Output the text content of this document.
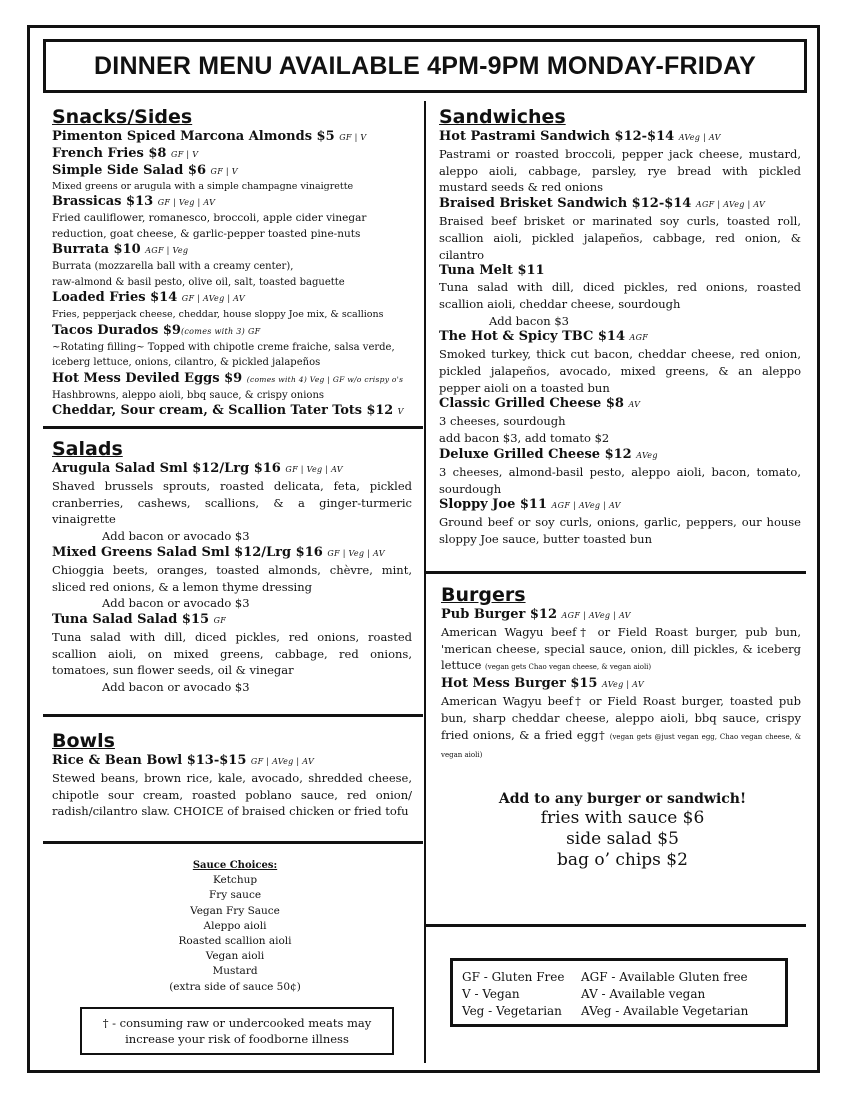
DINNER MENU AVAILABLE 4PM-9PM MONDAY-FRIDAY
Snacks/Sides
Pimenton Spiced Marcona Almonds $5 GF | V
French Fries $8 GF | V
Simple Side Salad $6 GF | V
Mixed greens or arugula with a simple champagne vinaigrette
Brassicas $13 GF | Veg | AV
Fried cauliflower, romanesco, broccoli, apple cider vinegar reduction, goat cheese, & garlic-pepper toasted pine-nuts
Burrata $10 AGF | Veg
Burrata (mozzarella ball with a creamy center),
raw-almond & basil pesto, olive oil, salt, toasted baguette
Loaded Fries $14 GF | AVeg | AV
Fries, pepperjack cheese, cheddar, house sloppy Joe mix, & scallions
Tacos Durados $9(comes with 3) GF
~Rotating filling~ Topped with chipotle creme fraiche, salsa verde, iceberg lettuce, onions, cilantro, & pickled jalapeños
Hot Mess Deviled Eggs $9 (comes with 4) Veg | GF w/o crispy o's
Hashbrowns, aleppo aioli, bbq sauce, & crispy onions
Cheddar, Sour cream, & Scallion Tater Tots $12 V
Salads
Arugula Salad Sml $12/Lrg $16 GF | Veg | AV
Shaved brussels sprouts, roasted delicata, feta, pickled cranberries, cashews, scallions, & a ginger-turmeric vinaigrette
Add bacon or avocado $3
Mixed Greens Salad Sml $12/Lrg $16 GF | Veg | AV
Chioggia beets, oranges, toasted almonds, chèvre, mint, sliced red onions, & a lemon thyme dressing
Add bacon or avocado $3
Tuna Salad Salad $15 GF
Tuna salad with dill, diced pickles, red onions, roasted scallion aioli, on mixed greens, cabbage, red onions, tomatoes, sun flower seeds, oil & vinegar
Add bacon or avocado $3
Bowls
Rice & Bean Bowl $13-$15 GF | AVeg | AV
Stewed beans, brown rice, kale, avocado, shredded cheese, chipotle sour cream, roasted poblano sauce, red onion/ radish/cilantro slaw. CHOICE of braised chicken or fried tofu
Sauce Choices:
Ketchup
Fry sauce
Vegan Fry Sauce
Aleppo aioli
Roasted scallion aioli
Vegan aioli
Mustard
(extra side of sauce 50¢)
† - consuming raw or undercooked meats may increase your risk of foodborne illness
Sandwiches
Hot Pastrami Sandwich $12-$14 AVeg | AV
Pastrami or roasted broccoli, pepper jack cheese, mustard, aleppo aioli, cabbage, parsley, rye bread with pickled mustard seeds & red onions
Braised Brisket Sandwich $12-$14 AGF | AVeg | AV
Braised beef brisket or marinated soy curls, toasted roll, scallion aioli, pickled jalapeños, cabbage, red onion, & cilantro
Tuna Melt $11
Tuna salad with dill, diced pickles, red onions, roasted scallion aioli, cheddar cheese, sourdough
Add bacon $3
The Hot & Spicy TBC $14 AGF
Smoked turkey, thick cut bacon, cheddar cheese, red onion, pickled jalapeños, avocado, mixed greens, & an aleppo pepper aioli on a toasted bun
Classic Grilled Cheese $8 AV
3 cheeses, sourdough
add bacon $3, add tomato $2
Deluxe Grilled Cheese $12 AVeg
3 cheeses, almond-basil pesto, aleppo aioli, bacon, tomato, sourdough
Sloppy Joe $11 AGF | AVeg | AV
Ground beef or soy curls, onions, garlic, peppers, our house sloppy Joe sauce, butter toasted bun
Burgers
Pub Burger $12 AGF | AVeg | AV
American Wagyu beef† or Field Roast burger, pub bun, 'merican cheese, special sauce, onion, dill pickles, & iceberg lettuce (vegan gets Chao vegan cheese, & vegan aioli)
Hot Mess Burger $15 AVeg | AV
American Wagyu beef† or Field Roast burger, toasted pub bun, sharp cheddar cheese, aleppo aioli, bbq sauce, crispy fried onions, & a fried egg† (vegan gets @just vegan egg, Chao vegan cheese, & vegan aioli)
Add to any burger or sandwich!
fries with sauce $6
side salad $5
bag o’ chips $2
GF - Gluten Free
V - Vegan
Veg - Vegetarian
AGF - Available Gluten free
AV - Available vegan
AVeg - Available Vegetarian
